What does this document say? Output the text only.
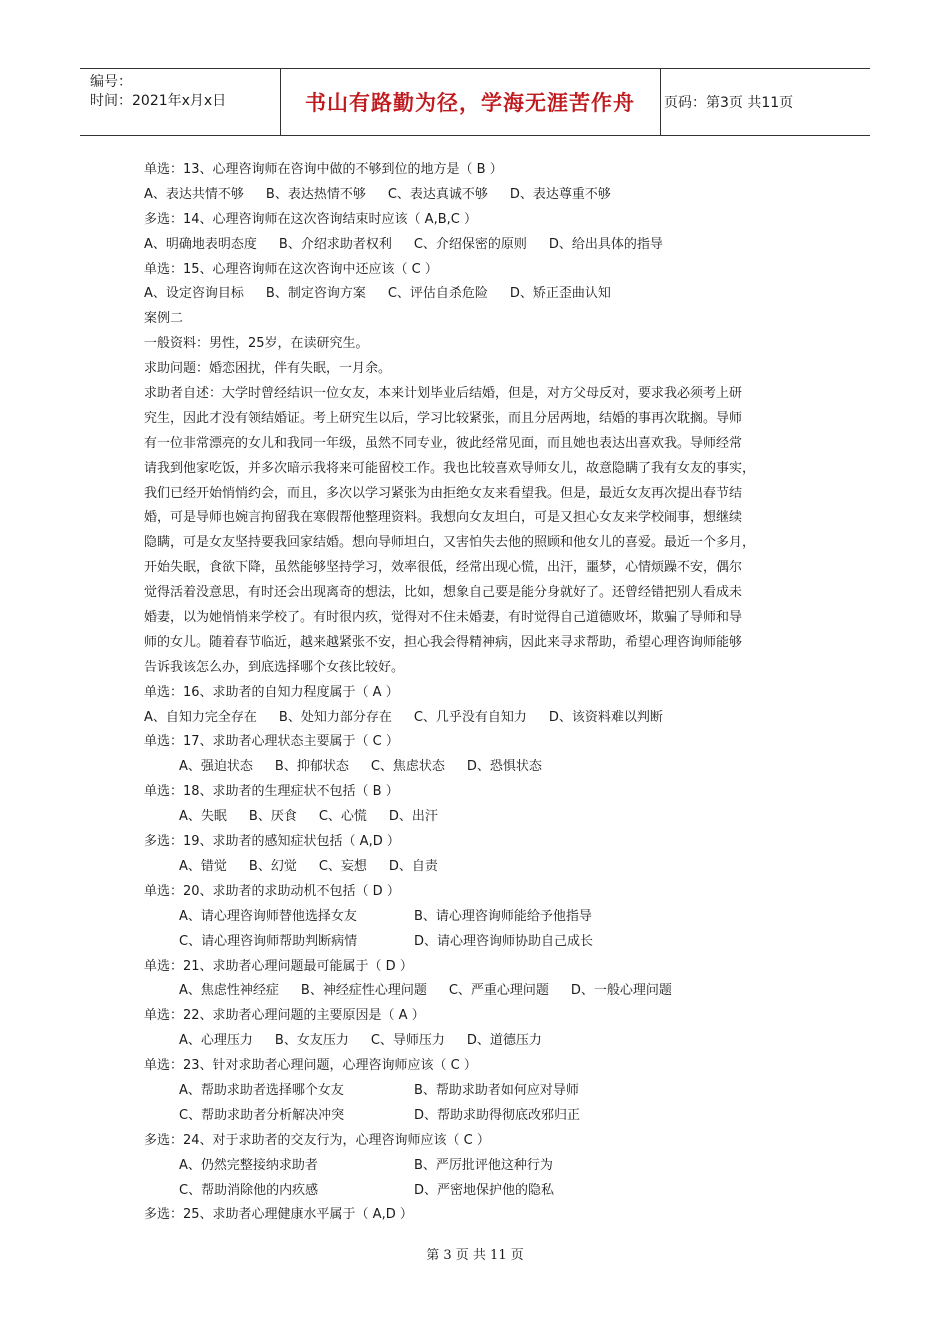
编号：
时间：2021年x月x日	书山有路勤为径，学海无涯苦作舟	页码：第3页 共11页
单选：13、心理咨询师在咨询中做的不够到位的地方是（ B ）
A、表达共情不够 B、表达热情不够 C、表达真诚不够 D、表达尊重不够
多选：14、心理咨询师在这次咨询结束时应该（ A,B,C ）
A、明确地表明态度 B、介绍求助者权利 C、介绍保密的原则 D、给出具体的指导
单选：15、心理咨询师在这次咨询中还应该（ C ）
A、设定咨询目标 B、制定咨询方案 C、评估自杀危险 D、矫正歪曲认知
案例二
一般资料：男性，25岁，在读研究生。
求助问题：婚恋困扰，伴有失眠，一月余。
求助者自述：大学时曾经结识一位女友，本来计划毕业后结婚，但是，对方父母反对，要求我必须考上研
究生，因此才没有领结婚证。考上研究生以后，学习比较紧张，而且分居两地，结婚的事再次耽搁。导师
有一位非常漂亮的女儿和我同一年级，虽然不同专业，彼此经常见面，而且她也表达出喜欢我。导师经常
请我到他家吃饭，并多次暗示我将来可能留校工作。我也比较喜欢导师女儿，故意隐瞒了我有女友的事实，
我们已经开始悄悄约会，而且，多次以学习紧张为由拒绝女友来看望我。但是，最近女友再次提出春节结
婚，可是导师也婉言拘留我在寒假帮他整理资料。我想向女友坦白，可是又担心女友来学校闹事，想继续
隐瞒，可是女友坚持要我回家结婚。想向导师坦白，又害怕失去他的照顾和他女儿的喜爱。最近一个多月，
开始失眠，食欲下降，虽然能够坚持学习，效率很低，经常出现心慌，出汗，噩梦，心情烦躁不安，偶尔
觉得活着没意思，有时还会出现离奇的想法，比如，想象自己要是能分身就好了。还曾经错把别人看成未
婚妻，以为她悄悄来学校了。有时很内疚，觉得对不住未婚妻，有时觉得自己道德败坏，欺骗了导师和导
师的女儿。随着春节临近，越来越紧张不安，担心我会得精神病，因此来寻求帮助，希望心理咨询师能够
告诉我该怎么办，到底选择哪个女孩比较好。
单选：16、求助者的自知力程度属于（ A ）
A、自知力完全存在 B、处知力部分存在 C、几乎没有自知力 D、该资料难以判断
单选：17、求助者心理状态主要属于（ C ）
A、强迫状态 B、抑郁状态 C、焦虑状态 D、恐惧状态
单选：18、求助者的生理症状不包括（ B ）
A、失眠 B、厌食 C、心慌 D、出汗
多选：19、求助者的感知症状包括（ A,D ）
A、错觉 B、幻觉 C、妄想 D、自责
单选：20、求助者的求助动机不包括（ D ）
A、请心理咨询师替他选择女友	B、请心理咨询师能给予他指导
C、请心理咨询师帮助判断病情	D、请心理咨询师协助自己成长
单选：21、求助者心理问题最可能属于（ D ）
A、焦虑性神经症 B、神经症性心理问题 C、严重心理问题 D、一般心理问题
单选：22、求助者心理问题的主要原因是（ A ）
A、心理压力 B、女友压力 C、导师压力 D、道德压力
单选：23、针对求助者心理问题，心理咨询师应该（ C ）
A、帮助求助者选择哪个女友	B、帮助求助者如何应对导师
C、帮助求助者分析解决冲突	D、帮助求助得彻底改邪归正
多选：24、对于求助者的交友行为，心理咨询师应该（ C ）
A、仍然完整接纳求助者	B、严厉批评他这种行为
C、帮助消除他的内疚感	D、严密地保护他的隐私
多选：25、求助者心理健康水平属于（ A,D ）
第 3 页 共 11 页
